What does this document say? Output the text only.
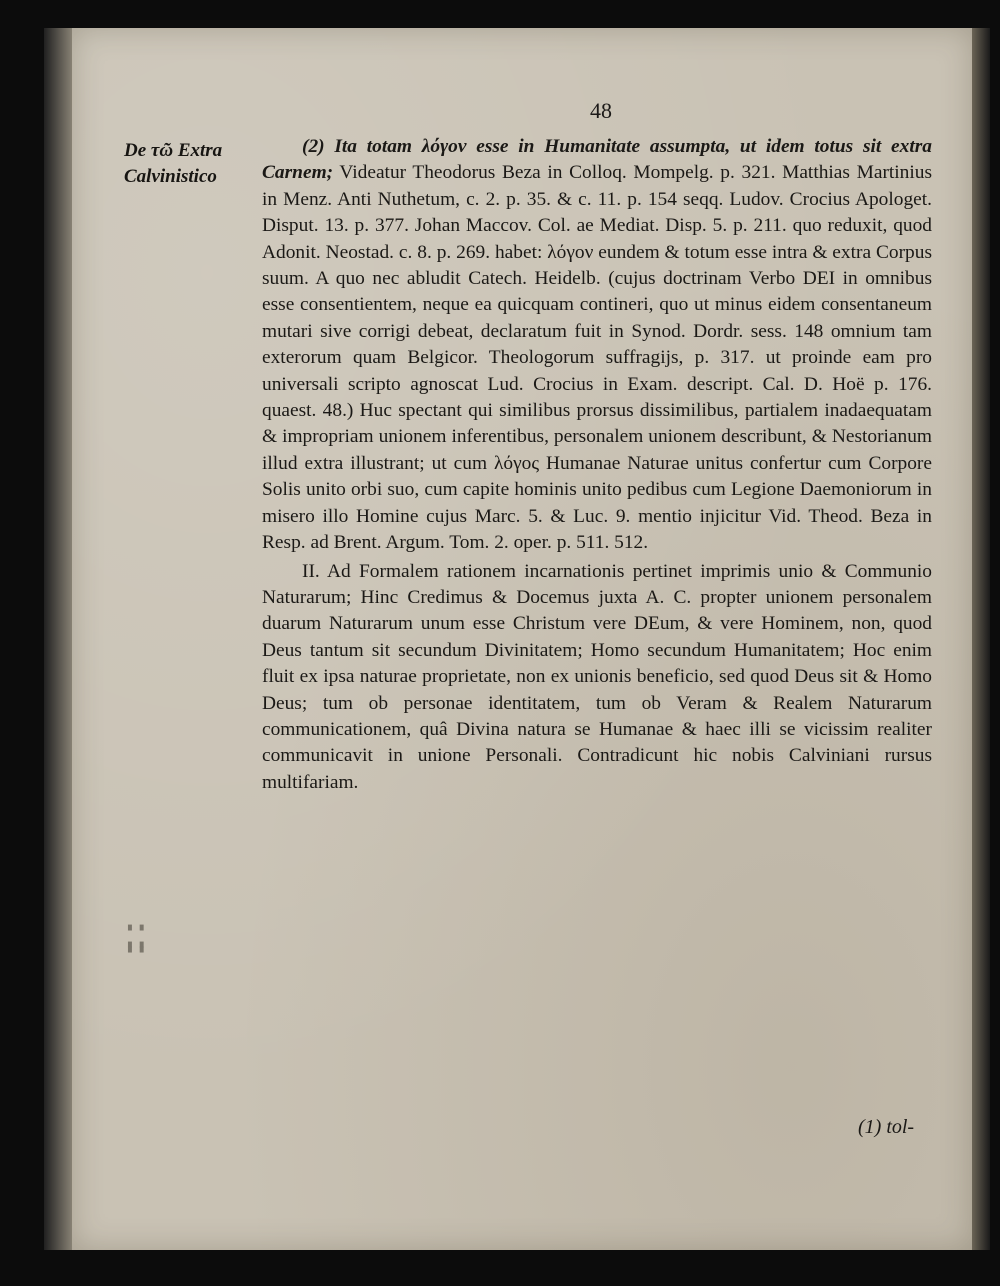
48
De τῶ Extra
Calvinistico

(2) Ita totam λόγον esse in Humanitate assumpta, ut idem totus sit extra Carnem; Videatur Theodorus Beza in Colloq. Mompelg. p. 321. Matthias Martinius in Menz. Anti Nuthetum, c. 2. p. 35. & c. 11. p. 154 seqq. Ludov. Crocius Apologet. Disput. 13. p. 377. Johan Maccov. Col. ae Mediat. Disp. 5. p. 211. quo reduxit, quod Adonit. Neostad. c. 8. p. 269. habet: λόγον eundem & totum esse intra & extra Corpus suum. A quo nec abludit Catech. Heidelb. (cujus doctrinam Verbo DEI in omnibus esse consentientem, neque ea quicquam contineri, quo ut minus eidem consentaneum mutari sive corrigi debeat, declaratum fuit in Synod. Dordr. sess. 148 omnium tam exterorum quam Belgicor. Theologorum suffragijs, p. 317. ut proinde eam pro universali scripto agnoscat Lud. Crocius in Exam. descript. Cal. D. Hoë p. 176. quaest. 48.) Huc spectant qui similibus prorsus dissimilibus, partialem inadaequatam & impropriam unionem inferentibus, personalem unionem describunt, & Nestorianum illud extra illustrant; ut cum λόγος Humanae Naturae unitus confertur cum Corpore Solis unito orbi suo, cum capite hominis unito pedibus cum Legione Daemoniorum in misero illo Homine cujus Marc. 5. & Luc. 9. mentio injicitur Vid. Theod. Beza in Resp. ad Brent. Argum. Tom. 2. oper. p. 511. 512.

II. Ad Formalem rationem incarnationis pertinet imprimis unio & Communio Naturarum; Hinc Credimus & Docemus juxta A. C. propter unionem personalem duarum Naturarum unum esse Christum vere DEum, & vere Hominem, non, quod Deus tantum sit secundum Divinitatem; Homo secundum Humanitatem; Hoc enim fluit ex ipsa naturae proprietate, non ex unionis beneficio, sed quod Deus sit & Homo Deus; tum ob personae identitatem, tum ob Veram & Realem Naturarum communicationem, quâ Divina natura se Humanae & haec illi se vicissim realiter communicavit in unione Personali. Contradicunt hic nobis Calviniani rursus multifariam.

▘▝
▖▗
▘▝
(1) tol-
